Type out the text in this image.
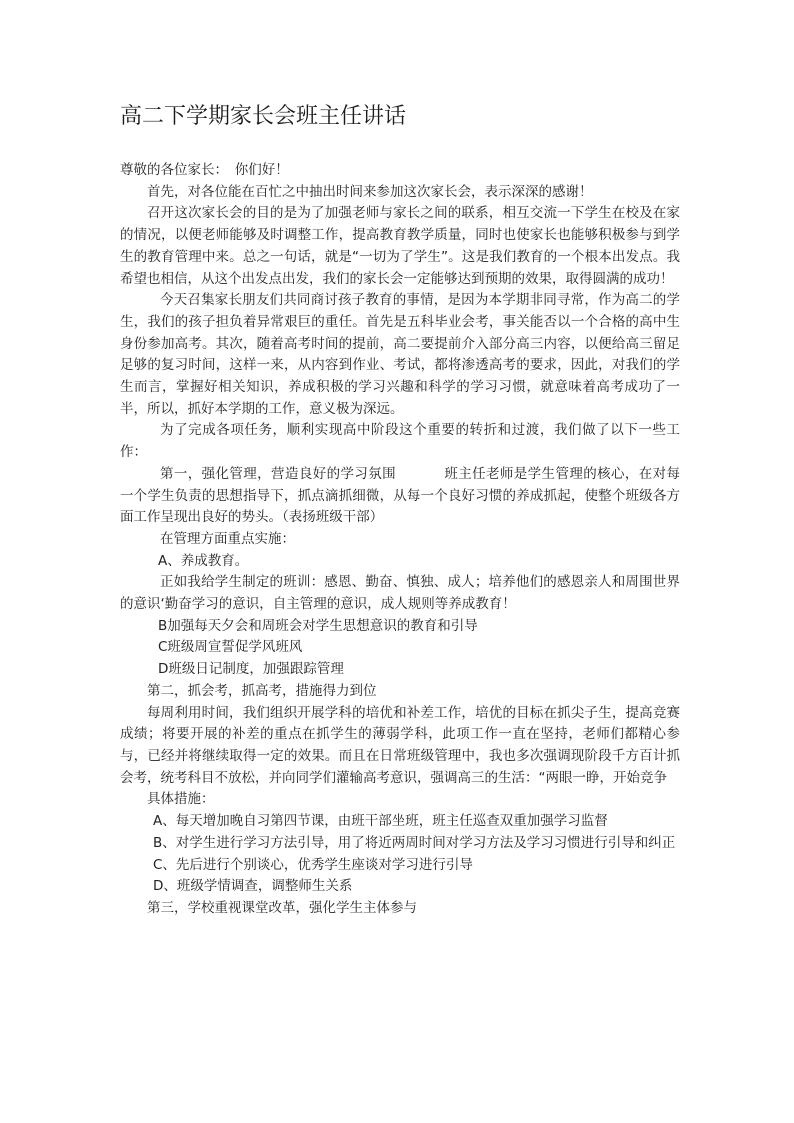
高二下学期家长会班主任讲话

尊敬的各位家长：　你们好！

首先，对各位能在百忙之中抽出时间来参加这次家长会，表示深深的感谢！

召开这次家长会的目的是为了加强老师与家长之间的联系，相互交流一下学生在校及在家的情况，以便老师能够及时调整工作，提高教育教学质量，同时也使家长也能够积极参与到学生的教育管理中来。总之一句话，就是“一切为了学生”。这是我们教育的一个根本出发点。我希望也相信，从这个出发点出发，我们的家长会一定能够达到预期的效果，取得圆满的成功！

今天召集家长朋友们共同商讨孩子教育的事情，是因为本学期非同寻常，作为高二的学生，我们的孩子担负着异常艰巨的重任。首先是五科毕业会考，事关能否以一个合格的高中生身份参加高考。其次，随着高考时间的提前，高二要提前介入部分高三内容，以便给高三留足足够的复习时间，这样一来，从内容到作业、考试，都将渗透高考的要求，因此，对我们的学生而言，掌握好相关知识，养成积极的学习兴趣和科学的学习习惯，就意味着高考成功了一半，所以，抓好本学期的工作，意义极为深远。

为了完成各项任务，顺利实现高中阶段这个重要的转折和过渡，我们做了以下一些工作：

第一，强化管理，营造良好的学习氛围	班主任老师是学生管理的核心，在对每一个学生负责的思想指导下，抓点滴抓细微，从每一个良好习惯的养成抓起，使整个班级各方面工作呈现出良好的势头。（表扬班级干部）

在管理方面重点实施：

A、养成教育。

正如我给学生制定的班训：感恩、勤奋、慎独、成人；培养他们的感恩亲人和周围世界的意识‘勤奋学习的意识，自主管理的意识，成人规则等养成教育！

B加强每天夕会和周班会对学生思想意识的教育和引导

C班级周宣誓促学风班风

D班级日记制度，加强跟踪管理

第二，抓会考，抓高考，措施得力到位

每周利用时间，我们组织开展学科的培优和补差工作，培优的目标在抓尖子生，提高竞赛成绩；将要开展的补差的重点在抓学生的薄弱学科，此项工作一直在坚持，老师们都精心参与，已经并将继续取得一定的效果。而且在日常班级管理中，我也多次强调现阶段千方百计抓会考，统考科目不放松，并向同学们灌输高考意识，强调高三的生活：“两眼一睁，开始竞争

具体措施：

A、每天增加晚自习第四节课，由班干部坐班，班主任巡查双重加强学习监督

B、对学生进行学习方法引导，用了将近两周时间对学习方法及学习习惯进行引导和纠正

C、先后进行个别谈心，优秀学生座谈对学习进行引导

D、班级学情调查，调整师生关系

第三，学校重视课堂改革，强化学生主体参与
